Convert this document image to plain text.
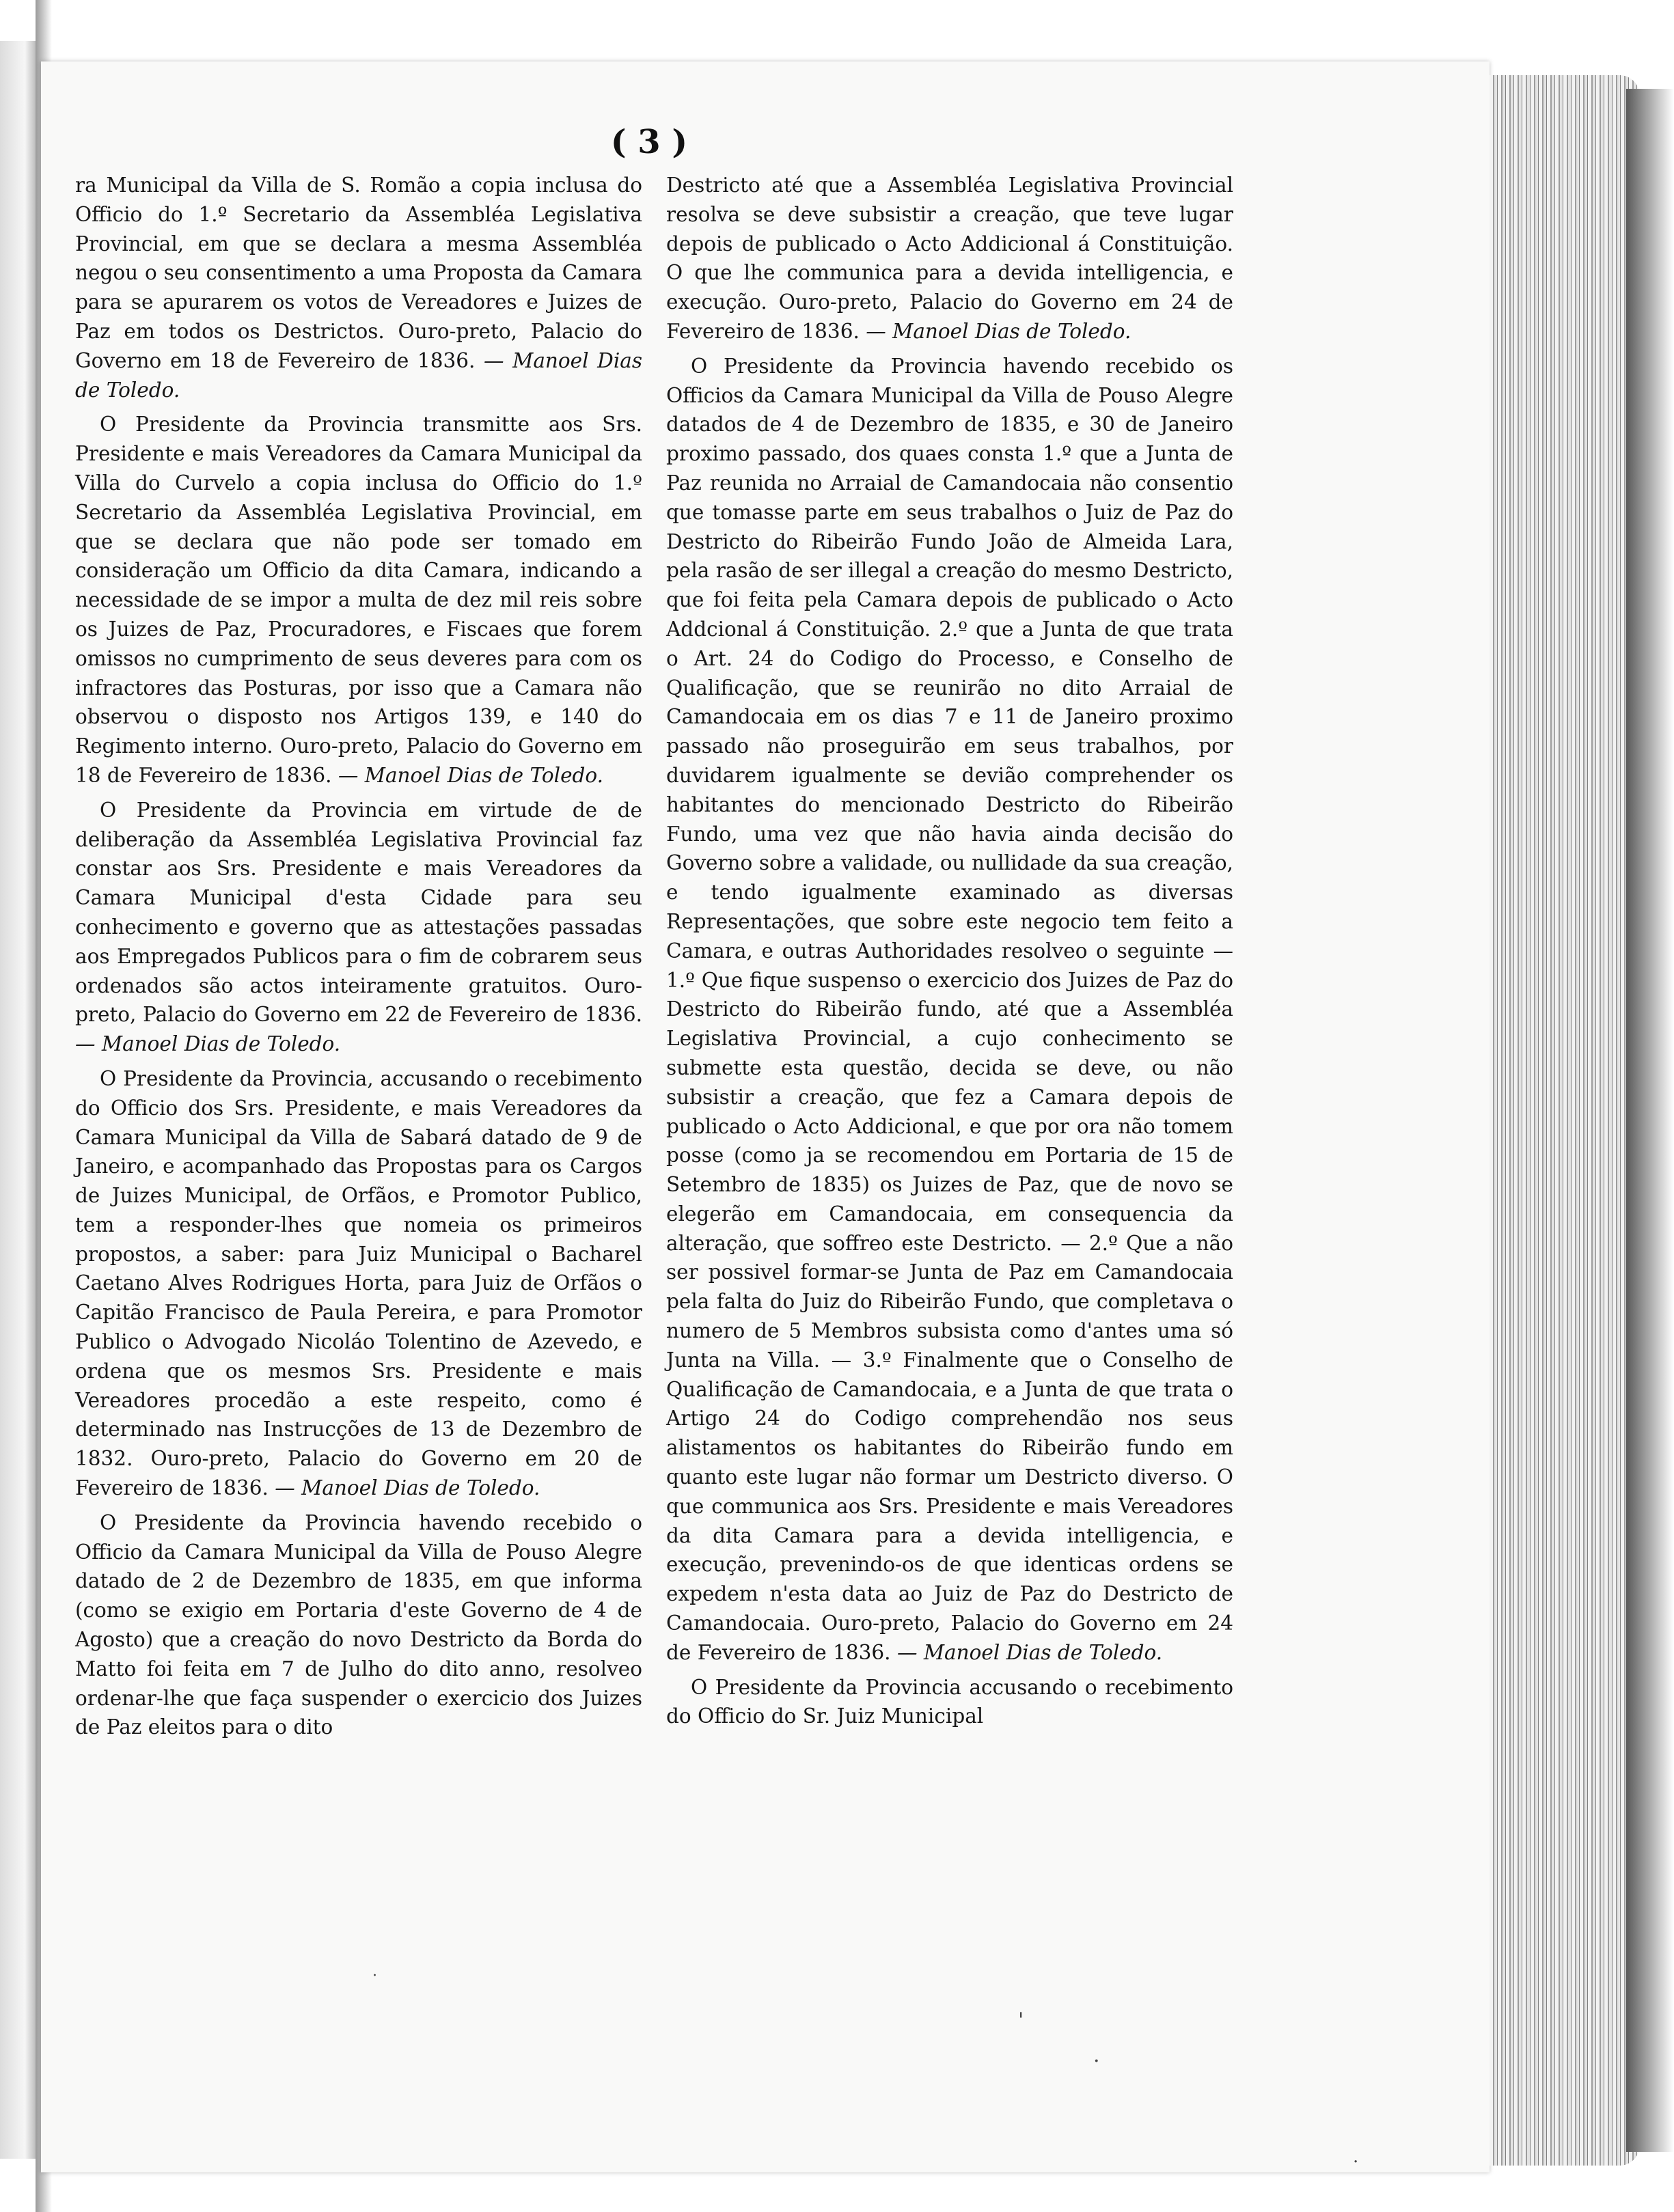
( 3 )

ra Municipal da Villa de S. Romão a copia inclusa do Officio do 1.º Secretario da Assembléa Legislativa Provincial, em que se declara a mesma Assembléa negou o seu consentimento a uma Proposta da Camara para se apurarem os votos de Vereadores e Juizes de Paz em todos os Destrictos. Ouro-preto, Palacio do Governo em 18 de Fevereiro de 1836. — Manoel Dias de Toledo.

O Presidente da Provincia transmitte aos Srs. Presidente e mais Vereadores da Camara Municipal da Villa do Curvelo a copia inclusa do Officio do 1.º Secretario da Assembléa Legislativa Provincial, em que se declara que não pode ser tomado em consideração um Officio da dita Camara, indicando a necessidade de se impor a multa de dez mil reis sobre os Juizes de Paz, Procuradores, e Fiscaes que forem omissos no cumprimento de seus deveres para com os infractores das Posturas, por isso que a Camara não observou o disposto nos Artigos 139, e 140 do Regimento interno. Ouro-preto, Palacio do Governo em 18 de Fevereiro de 1836. — Manoel Dias de Toledo.

O Presidente da Provincia em virtude de de deliberação da Assembléa Legislativa Provincial faz constar aos Srs. Presidente e mais Vereadores da Camara Municipal d'esta Cidade para seu conhecimento e governo que as attestações passadas aos Empregados Publicos para o fim de cobrarem seus ordenados são actos inteiramente gratuitos. Ouro-preto, Palacio do Governo em 22 de Fevereiro de 1836. — Manoel Dias de Toledo.

O Presidente da Provincia, accusando o recebimento do Officio dos Srs. Presidente, e mais Vereadores da Camara Municipal da Villa de Sabará datado de 9 de Janeiro, e acompanhado das Propostas para os Cargos de Juizes Municipal, de Orfãos, e Promotor Publico, tem a responder-lhes que nomeia os primeiros propostos, a saber: para Juiz Municipal o Bacharel Caetano Alves Rodrigues Horta, para Juiz de Orfãos o Capitão Francisco de Paula Pereira, e para Promotor Publico o Advogado Nicoláo Tolentino de Azevedo, e ordena que os mesmos Srs. Presidente e mais Vereadores procedão a este respeito, como é determinado nas Instrucções de 13 de Dezembro de 1832. Ouro-preto, Palacio do Governo em 20 de Fevereiro de 1836. — Manoel Dias de Toledo.

O Presidente da Provincia havendo recebido o Officio da Camara Municipal da Villa de Pouso Alegre datado de 2 de Dezembro de 1835, em que informa (como se exigio em Portaria d'este Governo de 4 de Agosto) que a creação do novo Destricto da Borda do Matto foi feita em 7 de Julho do dito anno, resolveo ordenar-lhe que faça suspender o exercicio dos Juizes de Paz eleitos para o dito

Destricto até que a Assembléa Legislativa Provincial resolva se deve subsistir a creação, que teve lugar depois de publicado o Acto Addicional á Constituição. O que lhe communica para a devida intelligencia, e execução. Ouro-preto, Palacio do Governo em 24 de Fevereiro de 1836. — Manoel Dias de Toledo.

O Presidente da Provincia havendo recebido os Officios da Camara Municipal da Villa de Pouso Alegre datados de 4 de Dezembro de 1835, e 30 de Janeiro proximo passado, dos quaes consta 1.º que a Junta de Paz reunida no Arraial de Camandocaia não consentio que tomasse parte em seus trabalhos o Juiz de Paz do Destricto do Ribeirão Fundo João de Almeida Lara, pela rasão de ser illegal a creação do mesmo Destricto, que foi feita pela Camara depois de publicado o Acto Addcional á Constituição. 2.º que a Junta de que trata o Art. 24 do Codigo do Processo, e Conselho de Qualificação, que se reunirão no dito Arraial de Camandocaia em os dias 7 e 11 de Janeiro proximo passado não proseguirão em seus trabalhos, por duvidarem igualmente se devião comprehender os habitantes do mencionado Destricto do Ribeirão Fundo, uma vez que não havia ainda decisão do Governo sobre a validade, ou nullidade da sua creação, e tendo igualmente examinado as diversas Representações, que sobre este negocio tem feito a Camara, e outras Authoridades resolveo o seguinte — 1.º Que fique suspenso o exercicio dos Juizes de Paz do Destricto do Ribeirão fundo, até que a Assembléa Legislativa Provincial, a cujo conhecimento se submette esta questão, decida se deve, ou não subsistir a creação, que fez a Camara depois de publicado o Acto Addicional, e que por ora não tomem posse (como ja se recomendou em Portaria de 15 de Setembro de 1835) os Juizes de Paz, que de novo se elegerão em Camandocaia, em consequencia da alteração, que soffreo este Destricto. — 2.º Que a não ser possivel formar-se Junta de Paz em Camandocaia pela falta do Juiz do Ribeirão Fundo, que completava o numero de 5 Membros subsista como d'antes uma só Junta na Villa. — 3.º Finalmente que o Conselho de Qualificação de Camandocaia, e a Junta de que trata o Artigo 24 do Codigo comprehendão nos seus alistamentos os habitantes do Ribeirão fundo em quanto este lugar não formar um Destricto diverso. O que communica aos Srs. Presidente e mais Vereadores da dita Camara para a devida intelligencia, e execução, prevenindo-os de que identicas ordens se expedem n'esta data ao Juiz de Paz do Destricto de Camandocaia. Ouro-preto, Palacio do Governo em 24 de Fevereiro de 1836. — Manoel Dias de Toledo.

O Presidente da Provincia accusando o recebimento do Officio do Sr. Juiz Municipal

·
'
·
·
